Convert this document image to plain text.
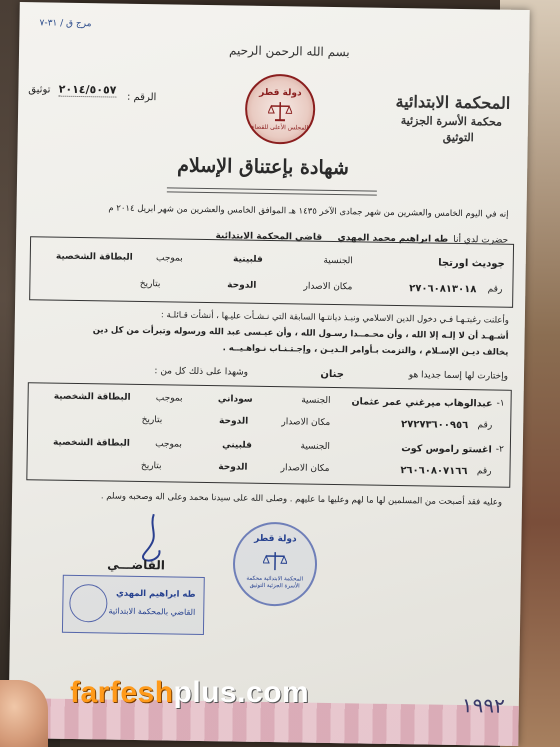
مرج ق / ٣١-٧
بسم الله الرحمن الرحيم
المحكمة الابتدائية
محكمة الأسرة الجزئية
التوثيق
دولة قطر
المجلس الأعلى للقضاء
الرقم :
٢٠١٤/٥٠٥٧
توثيق
شهادة بإعتناق الإسلام
إنه في اليوم الخامس والعشرين من شهر جمادى الآخر ١٤٣٥ هـ الموافق الخامس والعشرين من شهر ابريل ٢٠١٤ م
حضرت لدي أنا
طه ابراهيم محمد المهدي
قاضي المحكمة الابتدائية
جوديث اورتجا
الجنسية
فلبينية
بموجب
البطاقة الشخصية
رقم
٢٧٠٦٠٨١٣٠١٨
مكان الاصدار
الدوحة
بتاريخ
وأعلنت رغبتـهـا فـي دخول الدين الاسلامي ونبـذ ديانتـها السابقة التي نـشـأت عليـها ، أنشأت قـائلـة :
أشـهـد أن لا إلـه إلا الله ، وأن محـمــدا رسـول الله ، وأن عيـسى عبد الله ورسوله وتبرأت من كل دين
يخالف ديـن الإسـلام ، والتزمت بـأوامر الـديـن ، وإجـتـنـاب نـواهـيــه .
وإختارت لها إسما جديدا هو
جنان
وشهدا على ذلك كل من :
١-
عبدالوهاب ميرغني عمر عثمان
الجنسية
سوداني
بموجب
البطاقة الشخصية
رقم
٢٧٢٧٣٦٠٠٩٥٦
مكان الاصدار
الدوحة
بتاريخ
٢-
اغستو راموس كوت
الجنسية
فلبيني
بموجب
البطاقة الشخصية
رقم
٢٦٠٦٠٨٠٧١٦٦
مكان الاصدار
الدوحة
بتاريخ
وعليه فقد أصبحت من المسلمين لها ما لهم وعليها ما عليهم . وصلى الله على سيدنا محمد وعلى اله وصحبه وسلم .
دولة قطر
المحكمة الابتدائية محكمة الأسرة الجزئية التوثيق
القاضـــي
طه ابراهيم المهدي
القاضي بالمحكمة الابتدائية
١٩٩٢
farfeshplus.com
